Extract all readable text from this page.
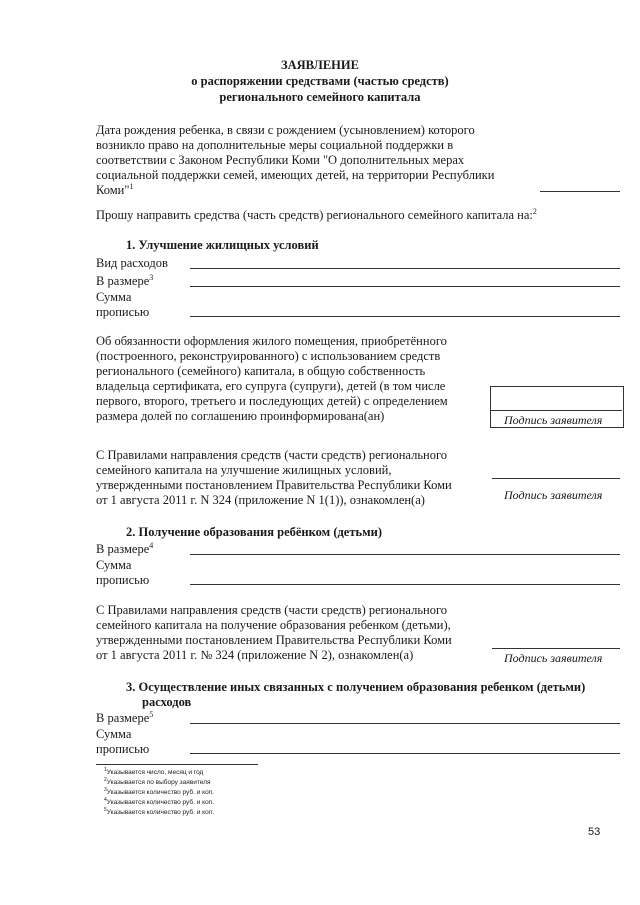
ЗАЯВЛЕНИЕ
о распоряжении средствами (частью средств)
регионального семейного капитала
Дата рождения ребенка, в связи с рождением (усыновлением) которого
возникло право на дополнительные меры социальной поддержки в
соответствии с Законом Республики Коми "О дополнительных мерах
социальной поддержки семей, имеющих детей, на территории Республики
Коми"$^1$
Прошу направить средства (часть средств) регионального семейного капитала на:$^2$
1. Улучшение жилищных условий
Вид расходов
В размере$^3$
Сумма
прописью
Об обязанности оформления жилого помещения, приобретённого
(построенного, реконструированного) с использованием средств
регионального (семейного) капитала, в общую собственность
владельца сертификата, его супруга (супруги), детей (в том числе
первого, второго, третьего и последующих детей) с определением
размера долей по соглашению проинформирована(ан)	Подпись заявителя
С Правилами направления средств (части средств) регионального
семейного капитала на улучшение жилищных условий,
утвержденными постановлением Правительства Республики Коми
от 1 августа 2011 г. N 324 (приложение N 1(1)), ознакомлен(а)	Подпись заявителя
2. Получение образования ребёнком (детьми)
В размере$^4$
Сумма
прописью
С Правилами направления средств (части средств) регионального
семейного капитала на получение образования ребенком (детьми),
утвержденными постановлением Правительства Республики Коми
от 1 августа 2011 г. № 324 (приложение N 2), ознакомлен(а)	Подпись заявителя
3. Осуществление иных связанных с получением образования ребенком (детьми)
расходов
В размере$^5$
Сумма
прописью
$^1$Указывается число, месяц и год
$^2$Указывается по выбору заявителя
$^3$Указывается количество руб. и коп.
$^4$Указывается количество руб. и коп.
$^5$Указывается количество руб. и коп.
53
